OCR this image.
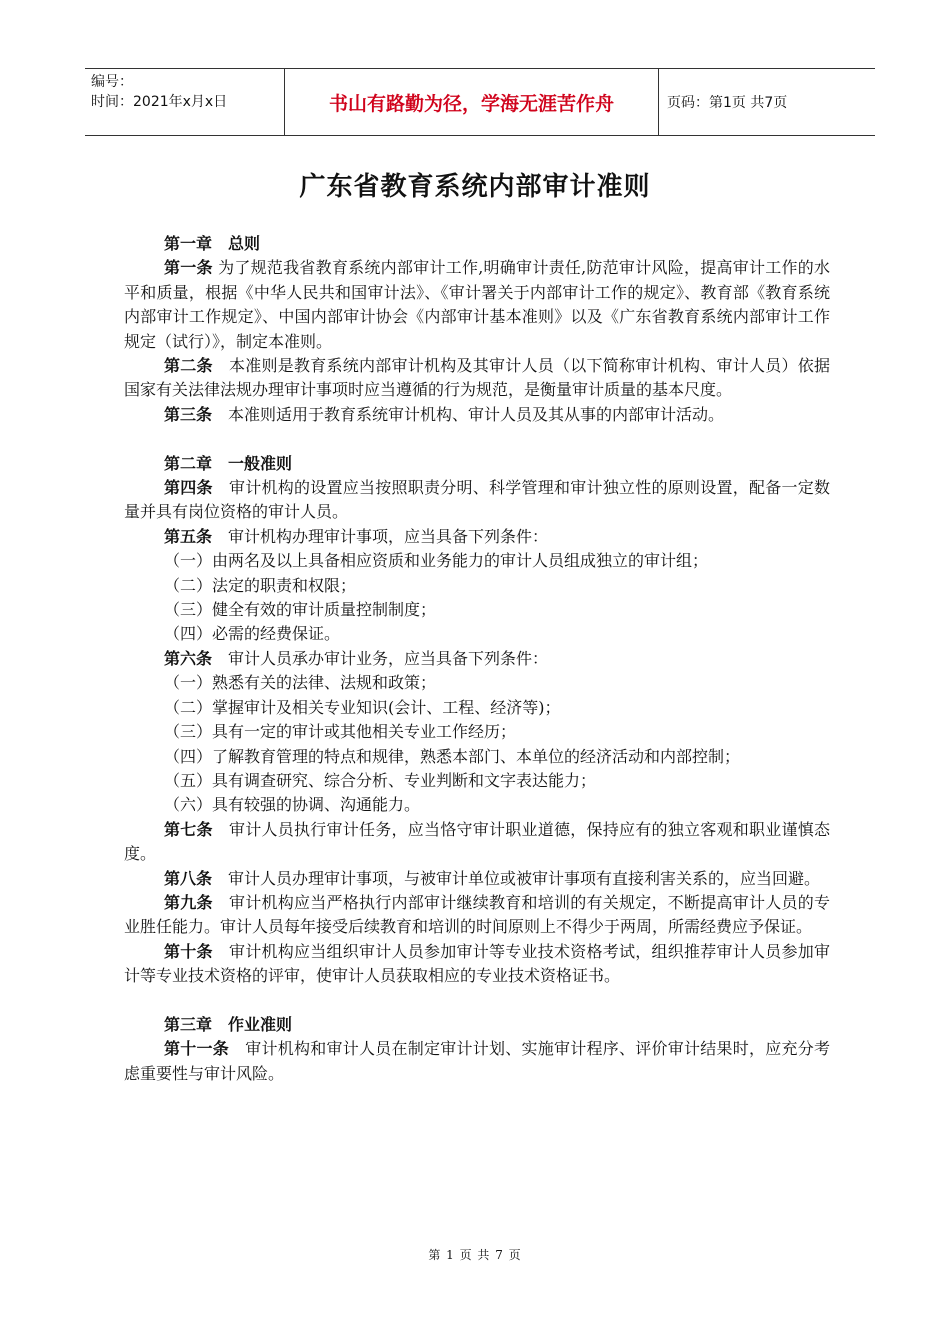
编号：
时间：2021年x月x日	书山有路勤为径，学海无涯苦作舟	页码：第1页 共7页
广东省教育系统内部审计准则

第一章　总则

第一条 为了规范我省教育系统内部审计工作,明确审计责任,防范审计风险，提高审计工作的水平和质量，根据《中华人民共和国审计法》、《审计署关于内部审计工作的规定》、教育部《教育系统内部审计工作规定》、中国内部审计协会《内部审计基本准则》以及《广东省教育系统内部审计工作规定（试行）》，制定本准则。

第二条　本准则是教育系统内部审计机构及其审计人员（以下简称审计机构、审计人员）依据国家有关法律法规办理审计事项时应当遵循的行为规范，是衡量审计质量的基本尺度。

第三条　本准则适用于教育系统审计机构、审计人员及其从事的内部审计活动。

第二章　一般准则

第四条　审计机构的设置应当按照职责分明、科学管理和审计独立性的原则设置，配备一定数量并具有岗位资格的审计人员。

第五条　审计机构办理审计事项，应当具备下列条件：

（一）由两名及以上具备相应资质和业务能力的审计人员组成独立的审计组；

（二）法定的职责和权限；

（三）健全有效的审计质量控制制度；

（四）必需的经费保证。

第六条　审计人员承办审计业务，应当具备下列条件：

（一）熟悉有关的法律、法规和政策；

（二）掌握审计及相关专业知识(会计、工程、经济等)；

（三）具有一定的审计或其他相关专业工作经历；

（四）了解教育管理的特点和规律，熟悉本部门、本单位的经济活动和内部控制；

（五）具有调查研究、综合分析、专业判断和文字表达能力；

（六）具有较强的协调、沟通能力。

第七条　审计人员执行审计任务，应当恪守审计职业道德，保持应有的独立客观和职业谨慎态度。

第八条　审计人员办理审计事项，与被审计单位或被审计事项有直接利害关系的，应当回避。

第九条　审计机构应当严格执行内部审计继续教育和培训的有关规定，不断提高审计人员的专业胜任能力。审计人员每年接受后续教育和培训的时间原则上不得少于两周，所需经费应予保证。

第十条　审计机构应当组织审计人员参加审计等专业技术资格考试，组织推荐审计人员参加审计等专业技术资格的评审，使审计人员获取相应的专业技术资格证书。

第三章　作业准则

第十一条　审计机构和审计人员在制定审计计划、实施审计程序、评价审计结果时，应充分考虑重要性与审计风险。

第 1 页 共 7 页
